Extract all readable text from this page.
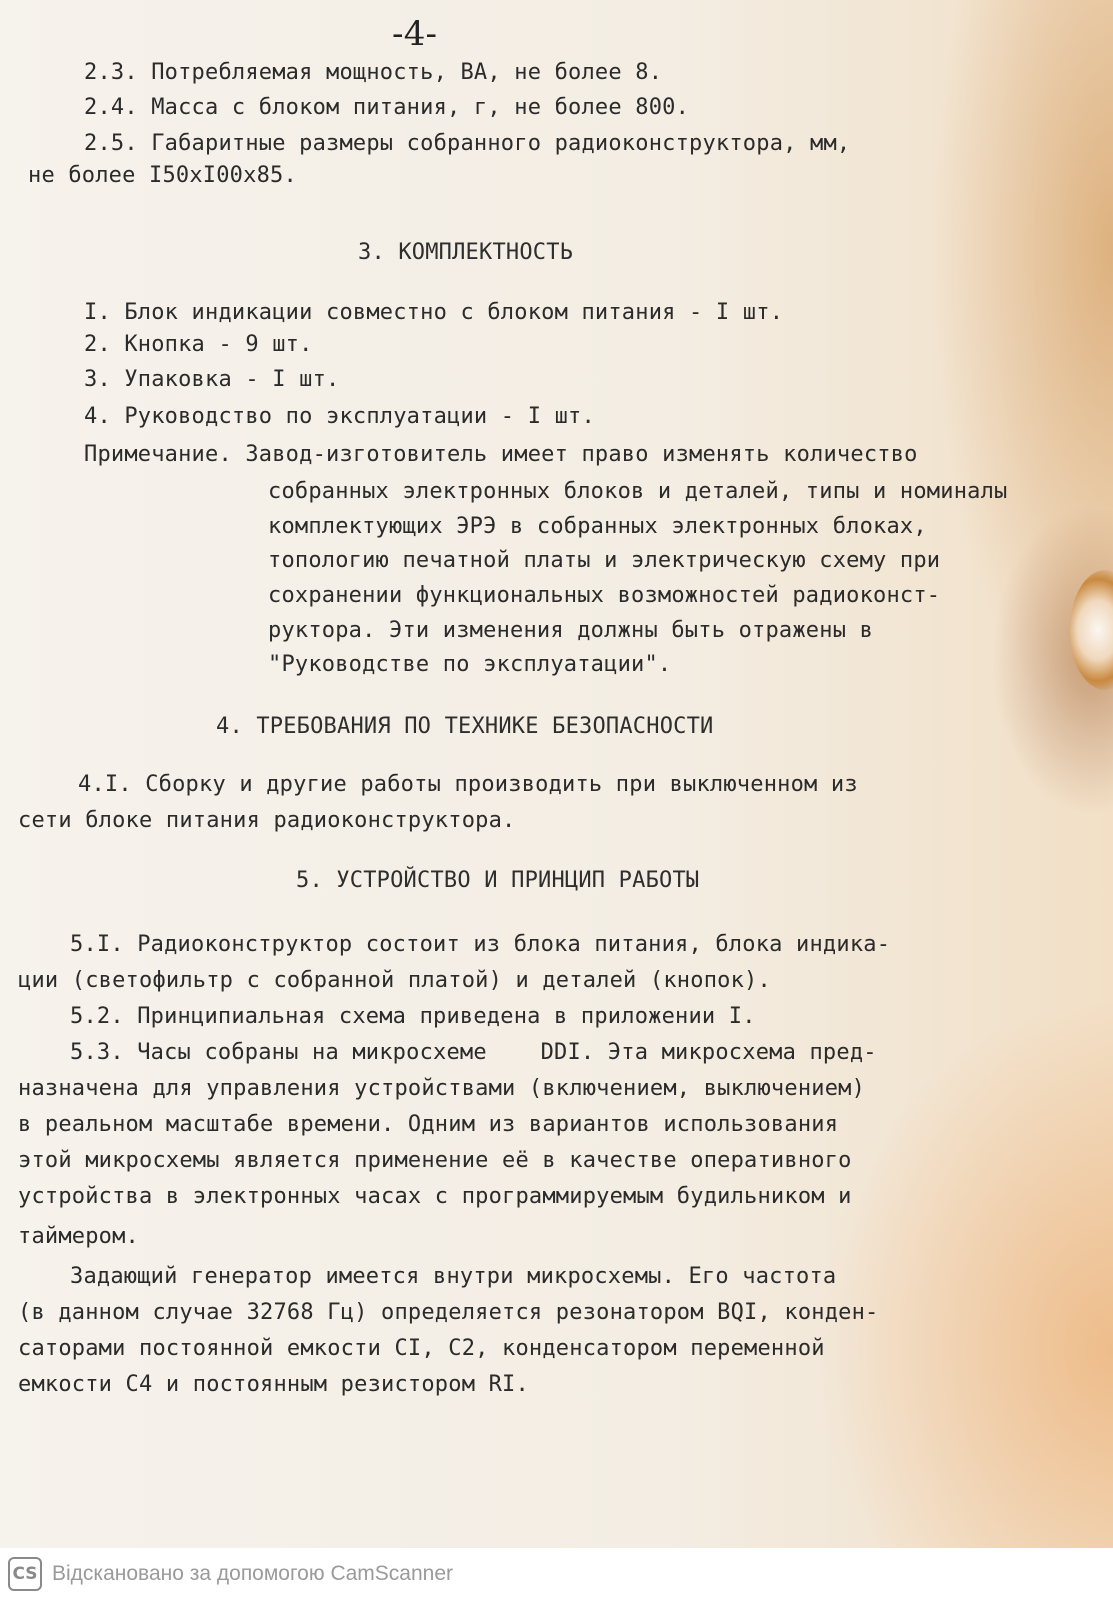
-4-

2.3. Потребляемая мощность, ВА, не более 8.

2.4. Масса с блоком питания, г, не более 800.

2.5. Габаритные размеры собранного радиоконструктора, мм,

не более I50хI00х85.

3. КОМПЛЕКТНОСТЬ

I. Блок индикации совместно с блоком питания - I шт.

2. Кнопка - 9 шт.

3. Упаковка - I шт.

4. Руководство по эксплуатации - I шт.

Примечание. Завод-изготовитель имеет право изменять количество

собранных электронных блоков и деталей, типы и номиналы

комплектующих ЭРЭ в собранных электронных блоках,

топологию печатной платы и электрическую схему при

сохранении функциональных возможностей радиоконст-

руктора. Эти изменения должны быть отражены в

"Руководстве по эксплуатации".

4. ТРЕБОВАНИЯ ПО ТЕХНИКЕ БЕЗОПАСНОСТИ

4.I. Сборку и другие работы производить при выключенном из

сети блоке питания радиоконструктора.

5. УСТРОЙСТВО И ПРИНЦИП РАБОТЫ

5.I. Радиоконструктор состоит из блока питания, блока индика-

ции (светофильтр с собранной платой) и деталей (кнопок).

5.2. Принципиальная схема приведена в приложении I.

5.3. Часы собраны на микросхеме    DDI. Эта микросхема пред-

назначена для управления устройствами (включением, выключением)

в реальном масштабе времени. Одним из вариантов использования

этой микросхемы является применение её в качестве оперативного

устройства в электронных часах с программируемым будильником и

таймером.

Задающий генератор имеется внутри микросхемы. Его частота

(в данном случае 32768 Гц) определяется резонатором BQI, конден-

саторами постоянной емкости CI, C2, конденсатором переменной

емкости C4 и постоянным резистором RI.

CS Відскановано за допомогою CamScanner
